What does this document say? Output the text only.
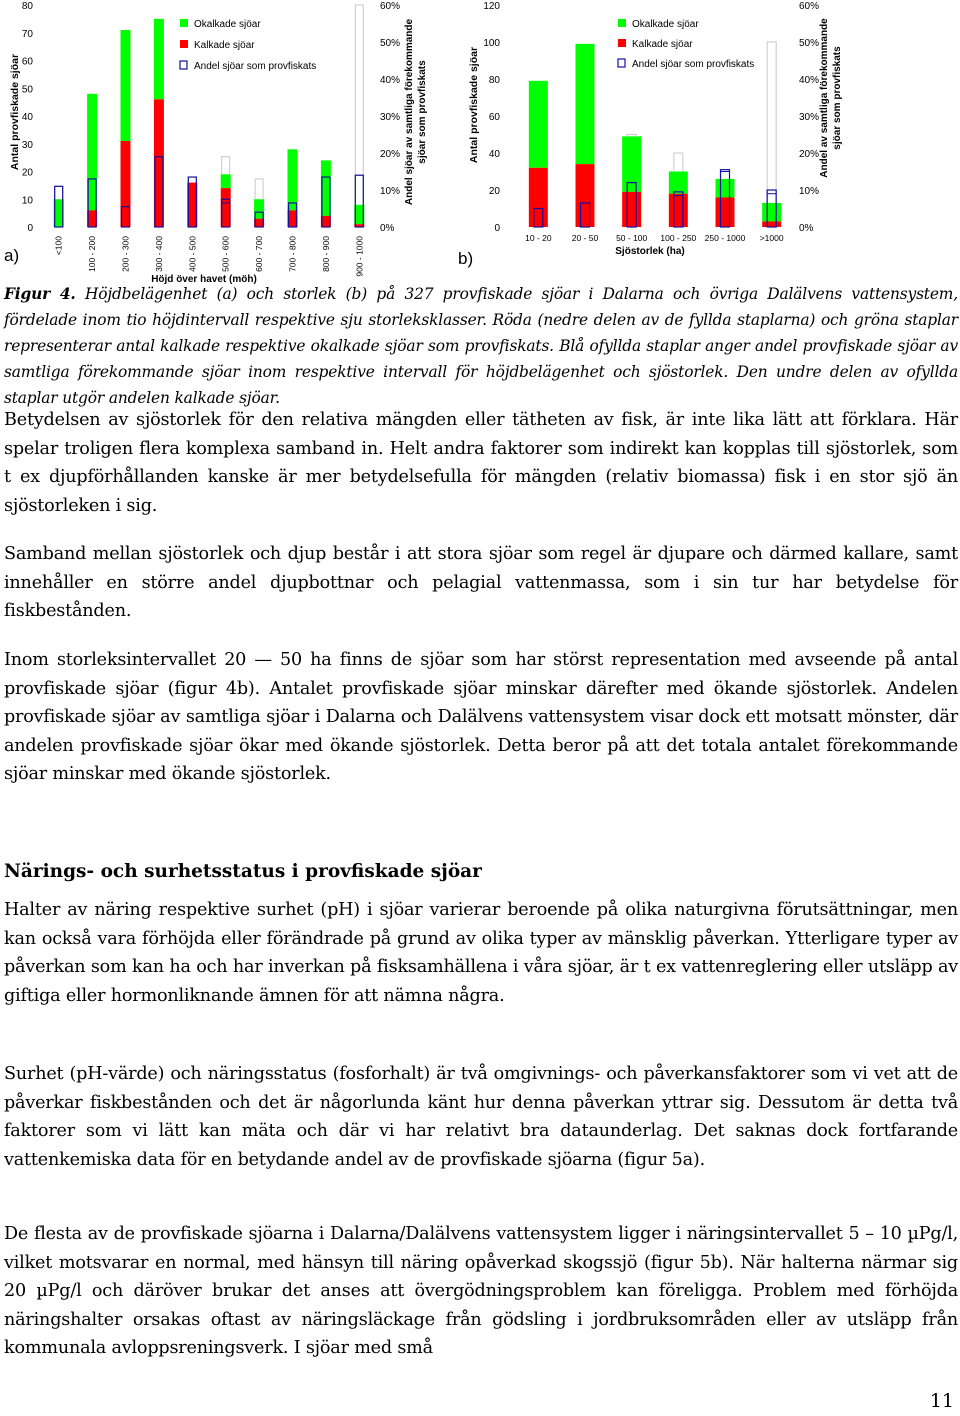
0
10
20
30
40
50
60
70
80
0%
10%
20%
30%
40%
50%
60%
<100	100 - 200	200 - 300	300 - 400	400 - 500	500 - 600	600 - 700	700 - 800	800 - 900	900 - 1000
Antal provfiskade sjöar
Höjd över havet (möh)
Andel sjöar av samtliga förekommande sjöar som provfiskats
Okalkade sjöar
Kalkade sjöar
Andel sjöar som provfiskats
0
20
40
60
80
100
120
0%
10%
20%
30%
40%
50%
60%
10 - 20 20 - 50 50 - 100 100 - 250 250 - 1000 >1000
Antal provfiskade sjöar
Sjöstorlek (ha)
Andel av samtliga förekommande sjöar som provfiskats
Okalkade sjöar
Kalkade sjöar
Andel sjöar som provfiskats
a)	b)
Figur 4. Höjdbelägenhet (a) och storlek (b) på 327 provfiskade sjöar i Dalarna och övriga Dalälvens vattensystem, fördelade inom tio höjdintervall respektive sju storleksklasser. Röda (nedre delen av de fyllda staplarna) och gröna staplar representerar antal kalkade respektive okalkade sjöar som provfiskats. Blå ofyllda staplar anger andel provfiskade sjöar av samtliga förekommande sjöar inom respektive intervall för höjdbelägenhet och sjöstorlek. Den undre delen av ofyllda staplar utgör andelen kalkade sjöar.

Betydelsen av sjöstorlek för den relativa mängden eller tätheten av fisk, är inte lika lätt att förklara. Här spelar troligen flera komplexa samband in. Helt andra faktorer som indirekt kan kopplas till sjöstorlek, som t ex djupförhållanden kanske är mer betydelsefulla för mängden (relativ biomassa) fisk i en stor sjö än sjöstorleken i sig.

Samband mellan sjöstorlek och djup består i att stora sjöar som regel är djupare och därmed kallare, samt innehåller en större andel djupbottnar och pelagial vattenmassa, som i sin tur har betydelse för fiskbestånden.

Inom storleksintervallet 20 — 50 ha finns de sjöar som har störst representation med avseende på antal provfiskade sjöar (figur 4b). Antalet provfiskade sjöar minskar därefter med ökande sjöstorlek. Andelen provfiskade sjöar av samtliga sjöar i Dalarna och Dalälvens vattensystem visar dock ett motsatt mönster, där andelen provfiskade sjöar ökar med ökande sjöstorlek. Detta beror på att det totala antalet förekommande sjöar minskar med ökande sjöstorlek.

Närings- och surhetsstatus i provfiskade sjöar

Halter av näring respektive surhet (pH) i sjöar varierar beroende på olika naturgivna förutsättningar, men kan också vara förhöjda eller förändrade på grund av olika typer av mänsklig påverkan. Ytterligare typer av påverkan som kan ha och har inverkan på fisksamhällena i våra sjöar, är t ex vattenreglering eller utsläpp av giftiga eller hormonliknande ämnen för att nämna några.

Surhet (pH-värde) och näringsstatus (fosforhalt) är två omgivnings- och påverkansfaktorer som vi vet att de påverkar fiskbestånden och det är någorlunda känt hur denna påverkan yttrar sig. Dessutom är detta två faktorer som vi lätt kan mäta och där vi har relativt bra dataunderlag. Det saknas dock fortfarande vattenkemiska data för en betydande andel av de provfiskade sjöarna (figur 5a).

De flesta av de provfiskade sjöarna i Dalarna/Dalälvens vattensystem ligger i näringsintervallet 5 – 10 µPg/l, vilket motsvarar en normal, med hänsyn till näring opåverkad skogssjö (figur 5b). När halterna närmar sig 20 µPg/l och däröver brukar det anses att övergödningsproblem kan föreligga. Problem med förhöjda näringshalter orsakas oftast av näringsläckage från gödsling i jordbruksområden eller av utsläpp från kommunala avloppsreningsverk. I sjöar med små

11
